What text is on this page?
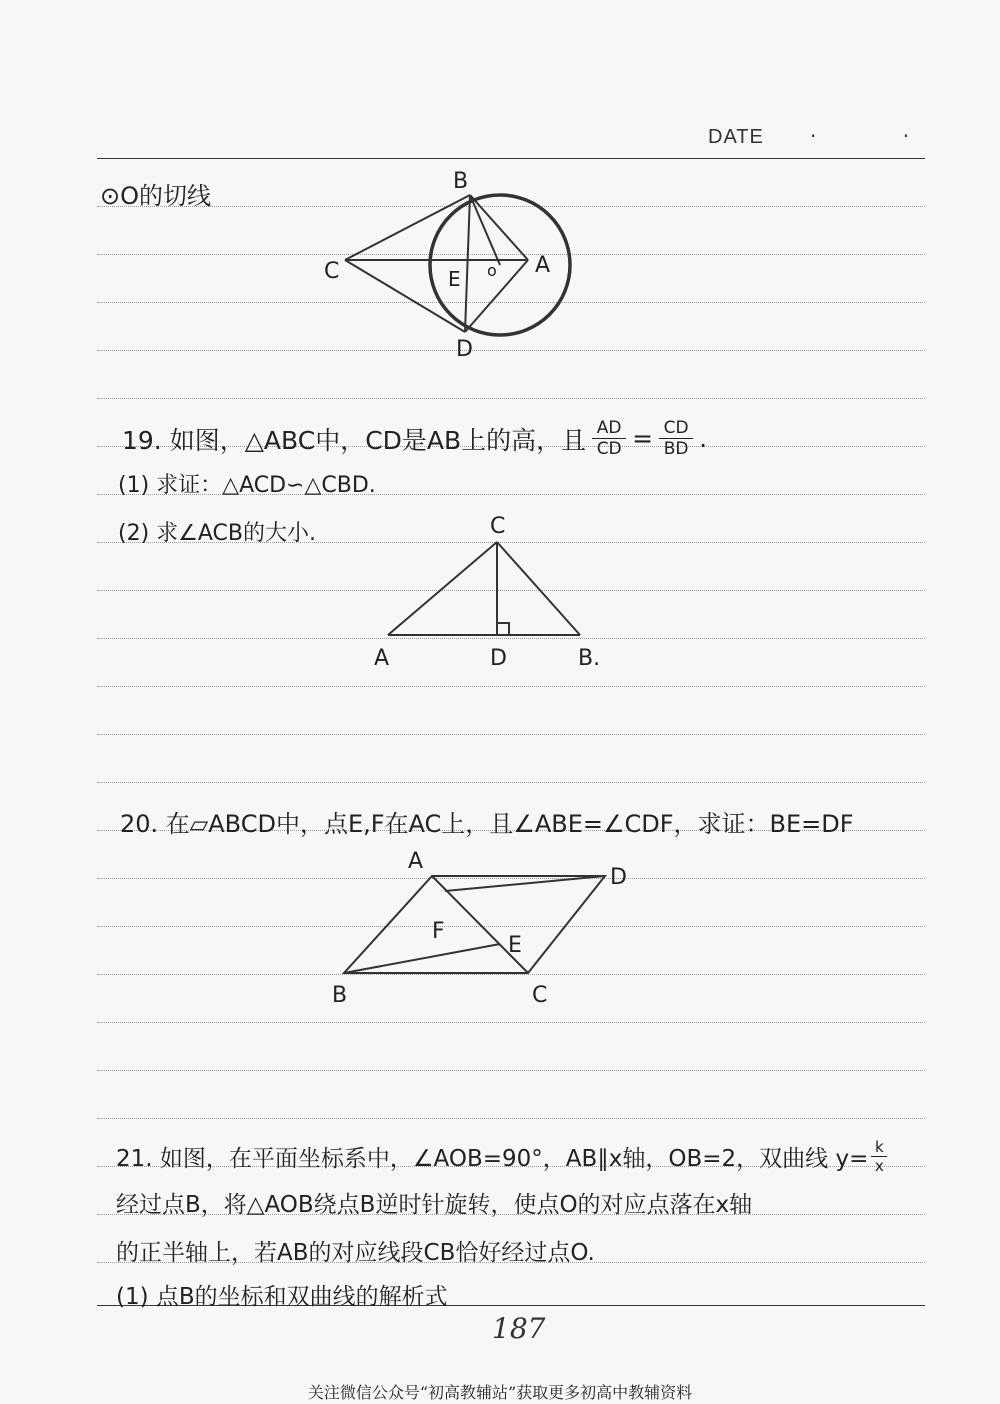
DATE · ·
⊙O的切线
B
C	A
E o
D
19. 如图，△ABC中，CD是AB上的高，且 AD
CD = CD
BD .
(1) 求证：△ACD∽△CBD.
(2) 求∠ACB的大小.	C
A	D	B.
20. 在▱ABCD中，点E,F在AC上，且∠ABE=∠CDF，求证：BE=DF
A
D
F
E
B	C
21. 如图，在平面坐标系中，∠AOB=90°，AB∥x轴，OB=2，双曲线 y= k
x
经过点B，将△AOB绕点B逆时针旋转，使点O的对应点落在x轴
的正半轴上，若AB的对应线段CB恰好经过点O.
(1) 点B的坐标和双曲线的解析式
187
关注微信公众号“初高教辅站”获取更多初高中教辅资料
